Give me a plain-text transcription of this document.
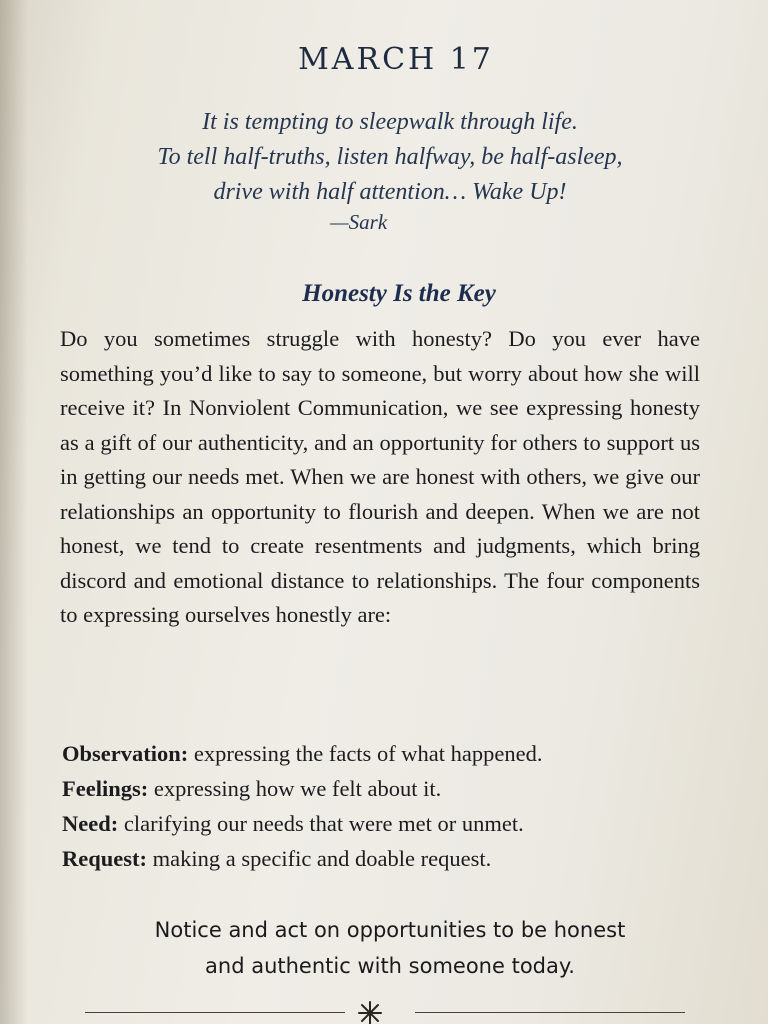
MARCH 17
It is tempting to sleepwalk through life.
To tell half-truths, listen halfway, be half-asleep,
drive with half attention… Wake Up!
—Sark
Honesty Is the Key
Do you sometimes struggle with honesty? Do you ever have something you’d like to say to someone, but worry about how she will receive it? In Nonviolent Communication, we see expressing honesty as a gift of our authenticity, and an opportunity for others to support us in getting our needs met. When we are honest with others, we give our relationships an opportunity to flourish and deepen. When we are not honest, we tend to create resentments and judgments, which bring discord and emotional distance to relationships. The four components to expressing ourselves honestly are:
Observation: expressing the facts of what happened.
Feelings: expressing how we felt about it.
Need: clarifying our needs that were met or unmet.
Request: making a specific and doable request.
Notice and act on opportunities to be honest
and authentic with someone today.
